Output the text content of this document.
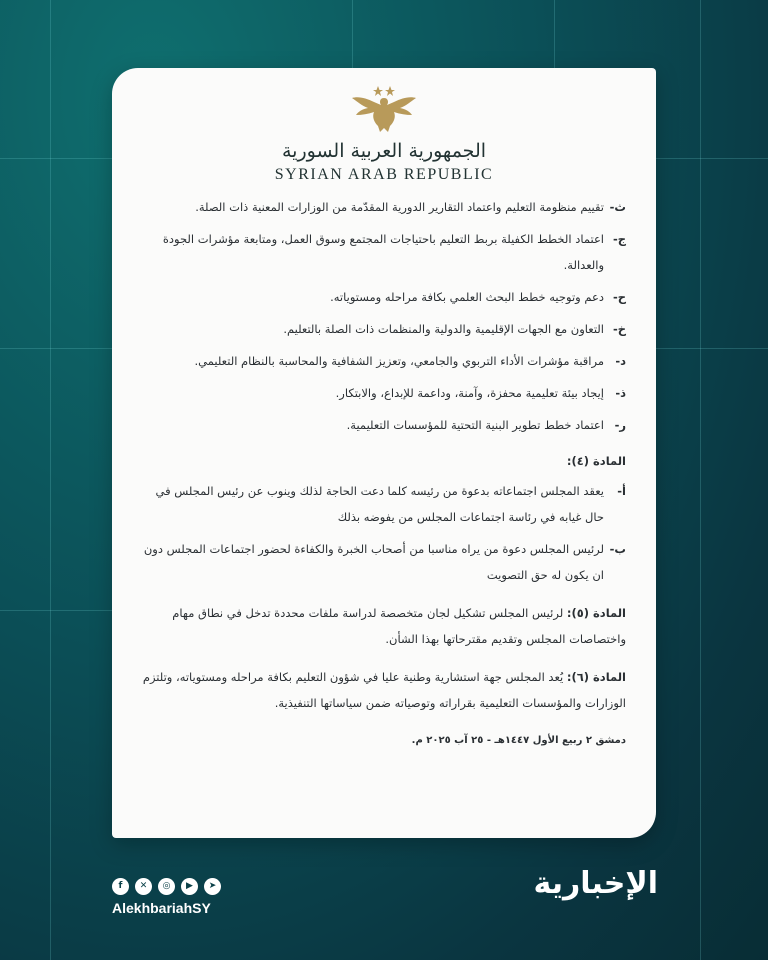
الجمهورية العربية السورية
SYRIAN ARAB REPUBLIC
ث-
تقييم منظومة التعليم واعتماد التقارير الدورية المقدّمة من الوزارات المعنية ذات الصلة.
ج-
اعتماد الخطط الكفيلة بربط التعليم باحتياجات المجتمع وسوق العمل، ومتابعة مؤشرات الجودة والعدالة.
ح-
دعم وتوجيه خطط البحث العلمي بكافة مراحله ومستوياته.
خ-
التعاون مع الجهات الإقليمية والدولية والمنظمات ذات الصلة بالتعليم.
د-
مراقبة مؤشرات الأداء التربوي والجامعي، وتعزيز الشفافية والمحاسبة بالنظام التعليمي.
ذ-
إيجاد بيئة تعليمية محفزة، وآمنة، وداعمة للإبداع، والابتكار.
ر-
اعتماد خطط تطوير البنية التحتية للمؤسسات التعليمية.
المادة (٤):
أ-
يعقد المجلس اجتماعاته بدعوة من رئيسه كلما دعت الحاجة لذلك وينوب عن رئيس المجلس في حال غيابه في رئاسة اجتماعات المجلس من يفوضه بذلك
ب-
لرئيس المجلس دعوة من يراه مناسبا من أصحاب الخبرة والكفاءة لحضور اجتماعات المجلس دون ان يكون له حق التصويت
المادة (٥): لرئيس المجلس تشكيل لجان متخصصة لدراسة ملفات محددة تدخل في نطاق مهام واختصاصات المجلس وتقديم مقترحاتها بهذا الشأن.
المادة (٦): يُعد المجلس جهة استشارية وطنية عليا في شؤون التعليم بكافة مراحله ومستوياته، وتلتزم الوزارات والمؤسسات التعليمية بقراراته وتوصياته ضمن سياساتها التنفيذية.
دمشق ٢ ربيع الأول ١٤٤٧هـ - ٢٥ آب ٢٠٢٥ م.
f	✕	◎	▶	➤
AlekhbariahSY
الإخبارية
